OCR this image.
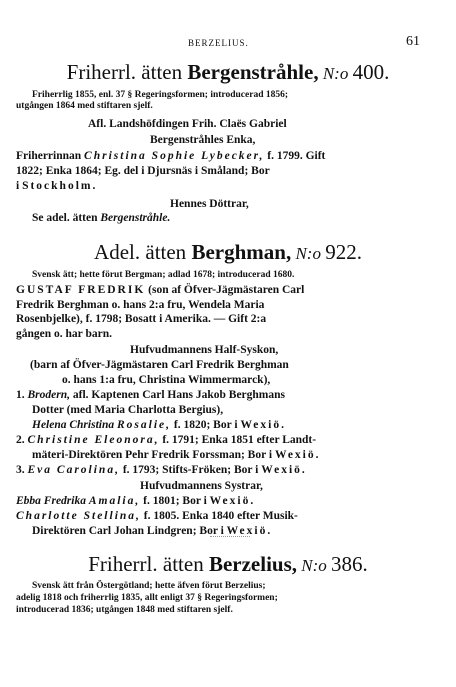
BERZELIUS.	61
Friherrl. ätten Bergenstråhle, N:o 400.
Friherrlig 1855, enl. 37 § Regeringsformen; introducerad 1856;
utgången 1864 med stiftaren sjelf.
Afl. Landshöfdingen Frih. Claës Gabriel
Bergenstråhles Enka,
Friherrinnan Christina Sophie Lybecker, f. 1799. Gift
1822; Enka 1864; Eg. del i Djursnäs i Småland; Bor
i Stockholm.
Hennes Döttrar,
Se adel. ätten Bergenstråhle.
Adel. ätten Berghman, N:o 922.
Svensk ätt; hette förut Bergman; adlad 1678; introducerad 1680.
GUSTAF FREDRIK (son af Öfver-Jägmästaren Carl
Fredrik Berghman o. hans 2:a fru, Wendela Maria
Rosenbjelke), f. 1798; Bosatt i Amerika. — Gift 2:a
gången o. har barn.
Hufvudmannens Half-Syskon,
(barn af Öfver-Jägmästaren Carl Fredrik Berghman
o. hans 1:a fru, Christina Wimmermarck),
1. Brodern, afl. Kaptenen Carl Hans Jakob Berghmans
Dotter (med Maria Charlotta Bergius),
Helena Christina Rosalie, f. 1820; Bor i Wexiö.
2. Christine Eleonora, f. 1791; Enka 1851 efter Landt-
mäteri-Direktören Pehr Fredrik Forssman; Bor i Wexiö.
3. Eva Carolina, f. 1793; Stifts-Fröken; Bor i Wexiö.
Hufvudmannens Systrar,
Ebba Fredrika Amalia, f. 1801; Bor i Wexiö.
Charlotte Stellina, f. 1805. Enka 1840 efter Musik-
Direktören Carl Johan Lindgren; Bor i Wexiö.
Friherrl. ätten Berzelius, N:o 386.
Svensk ätt från Östergötland; hette äfven förut Berzelius;
adelig 1818 och friherrlig 1835, allt enligt 37 § Regeringsformen;
introducerad 1836; utgången 1848 med stiftaren sjelf.
